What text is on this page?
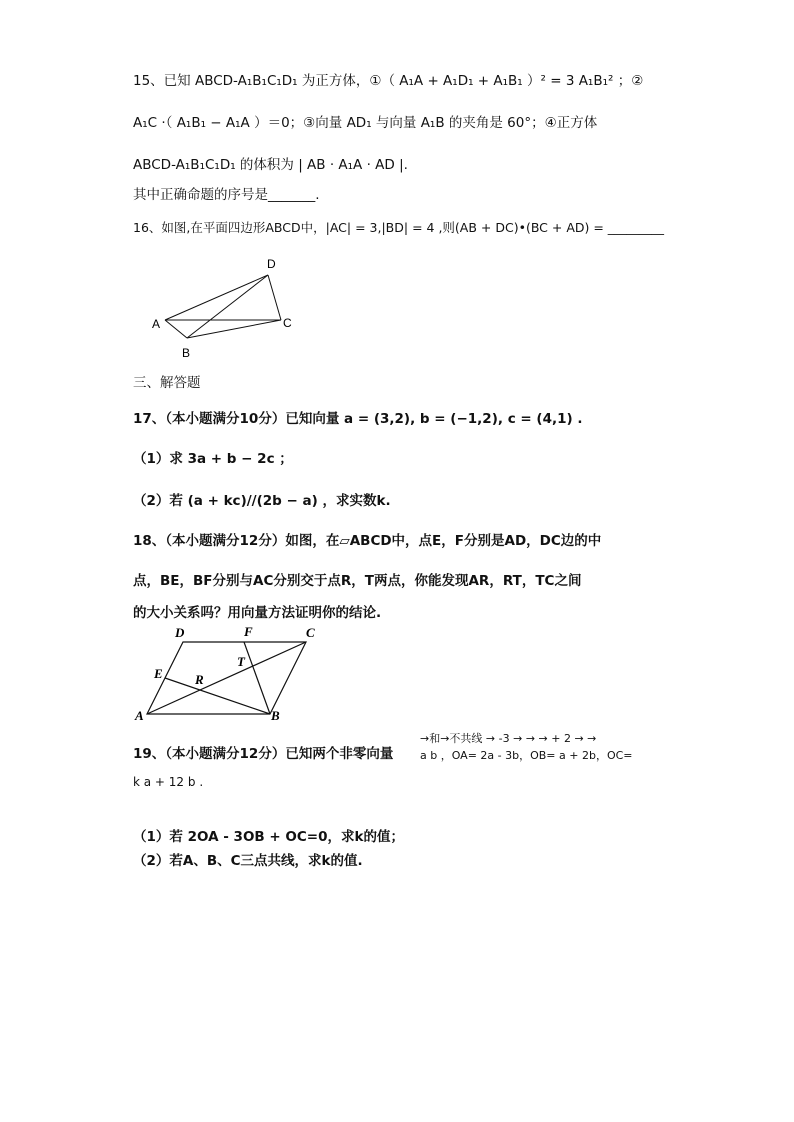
15、已知 ABCD-A₁B₁C₁D₁ 为正方体，①（ A₁A + A₁D₁ + A₁B₁ ）² = 3 A₁B₁² ；②
A₁C ·（ A₁B₁ − A₁A ）＝0；③向量 AD₁ 与向量 A₁B 的夹角是 60°；④正方体
ABCD-A₁B₁C₁D₁ 的体积为 | AB · A₁A · AD |.
其中正确命题的序号是_______.
16、如图,在平面四边形ABCD中，|AC| = 3,|BD| = 4 ,则(AB + DC)•(BC + AD) = _________
A
B
C
D
三、解答题
17、（本小题满分10分）已知向量 a = (3,2), b = (−1,2), c = (4,1) .
（1）求 3a + b − 2c ；
（2）若 (a + kc)//(2b − a) ，求实数k.
18、（本小题满分12分）如图，在▱ABCD中，点E，F分别是AD，DC边的中
点，BE，BF分别与AC分别交于点R，T两点，你能发现AR，RT，TC之间
的大小关系吗？用向量方法证明你的结论.
D	F	C
E R
T
A	B
→和→不共线 → -3 → → → + 2 → →
19、（本小题满分12分）已知两个非零向量 a b ，OA= 2a - 3b，OB= a + 2b，OC=
k a + 12 b .
（1）若 2OA - 3OB + OC=0，求k的值；
（2）若A、B、C三点共线，求k的值.
